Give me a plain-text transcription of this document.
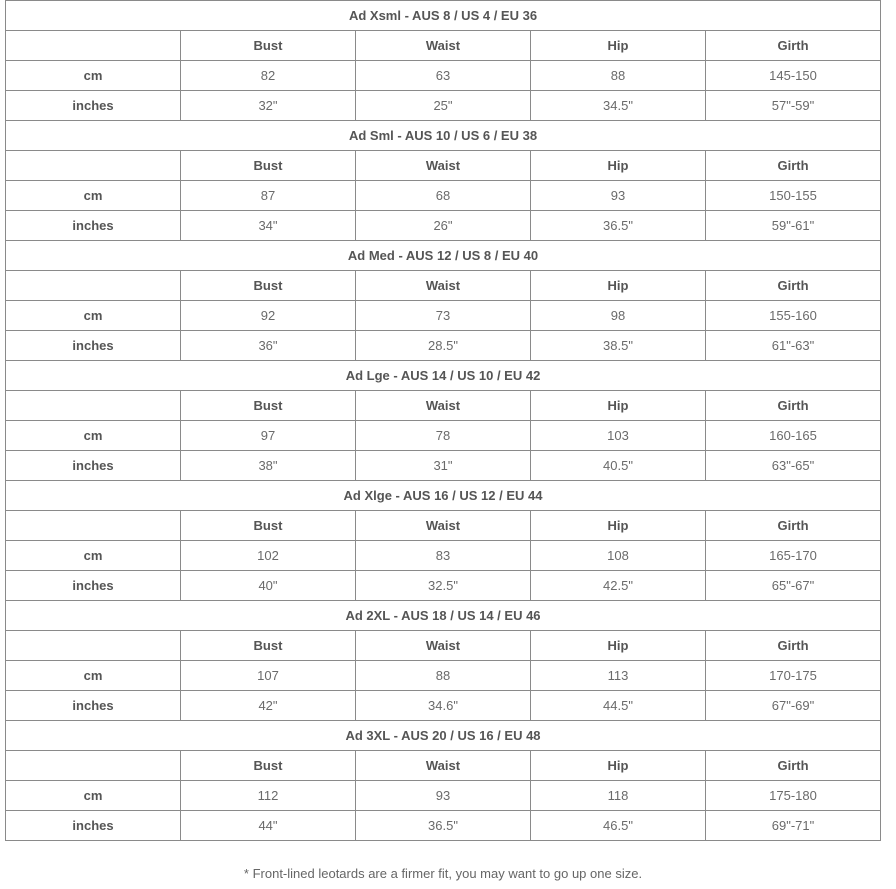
Ad Xsml - AUS 8 / US 4 / EU 36				
	Bust	Waist	Hip	Girth
cm	82	63	88	145-150
inches	32"	25"	34.5"	57"-59"
Ad Sml - AUS 10 / US 6 / EU 38				
	Bust	Waist	Hip	Girth
cm	87	68	93	150-155
inches	34"	26"	36.5"	59"-61"
Ad Med - AUS 12 / US 8 / EU 40				
	Bust	Waist	Hip	Girth
cm	92	73	98	155-160
inches	36"	28.5"	38.5"	61"-63"
Ad Lge - AUS 14 / US 10 / EU 42				
	Bust	Waist	Hip	Girth
cm	97	78	103	160-165
inches	38"	31"	40.5"	63"-65"
Ad Xlge - AUS 16 / US 12 / EU 44				
	Bust	Waist	Hip	Girth
cm	102	83	108	165-170
inches	40"	32.5"	42.5"	65"-67"
Ad 2XL - AUS 18 / US 14 / EU 46				
	Bust	Waist	Hip	Girth
cm	107	88	113	170-175
inches	42"	34.6"	44.5"	67"-69"
Ad 3XL - AUS 20 / US 16 / EU 48				
	Bust	Waist	Hip	Girth
cm	112	93	118	175-180
inches	44"	36.5"	46.5"	69"-71"
* Front-lined leotards are a firmer fit, you may want to go up one size.
